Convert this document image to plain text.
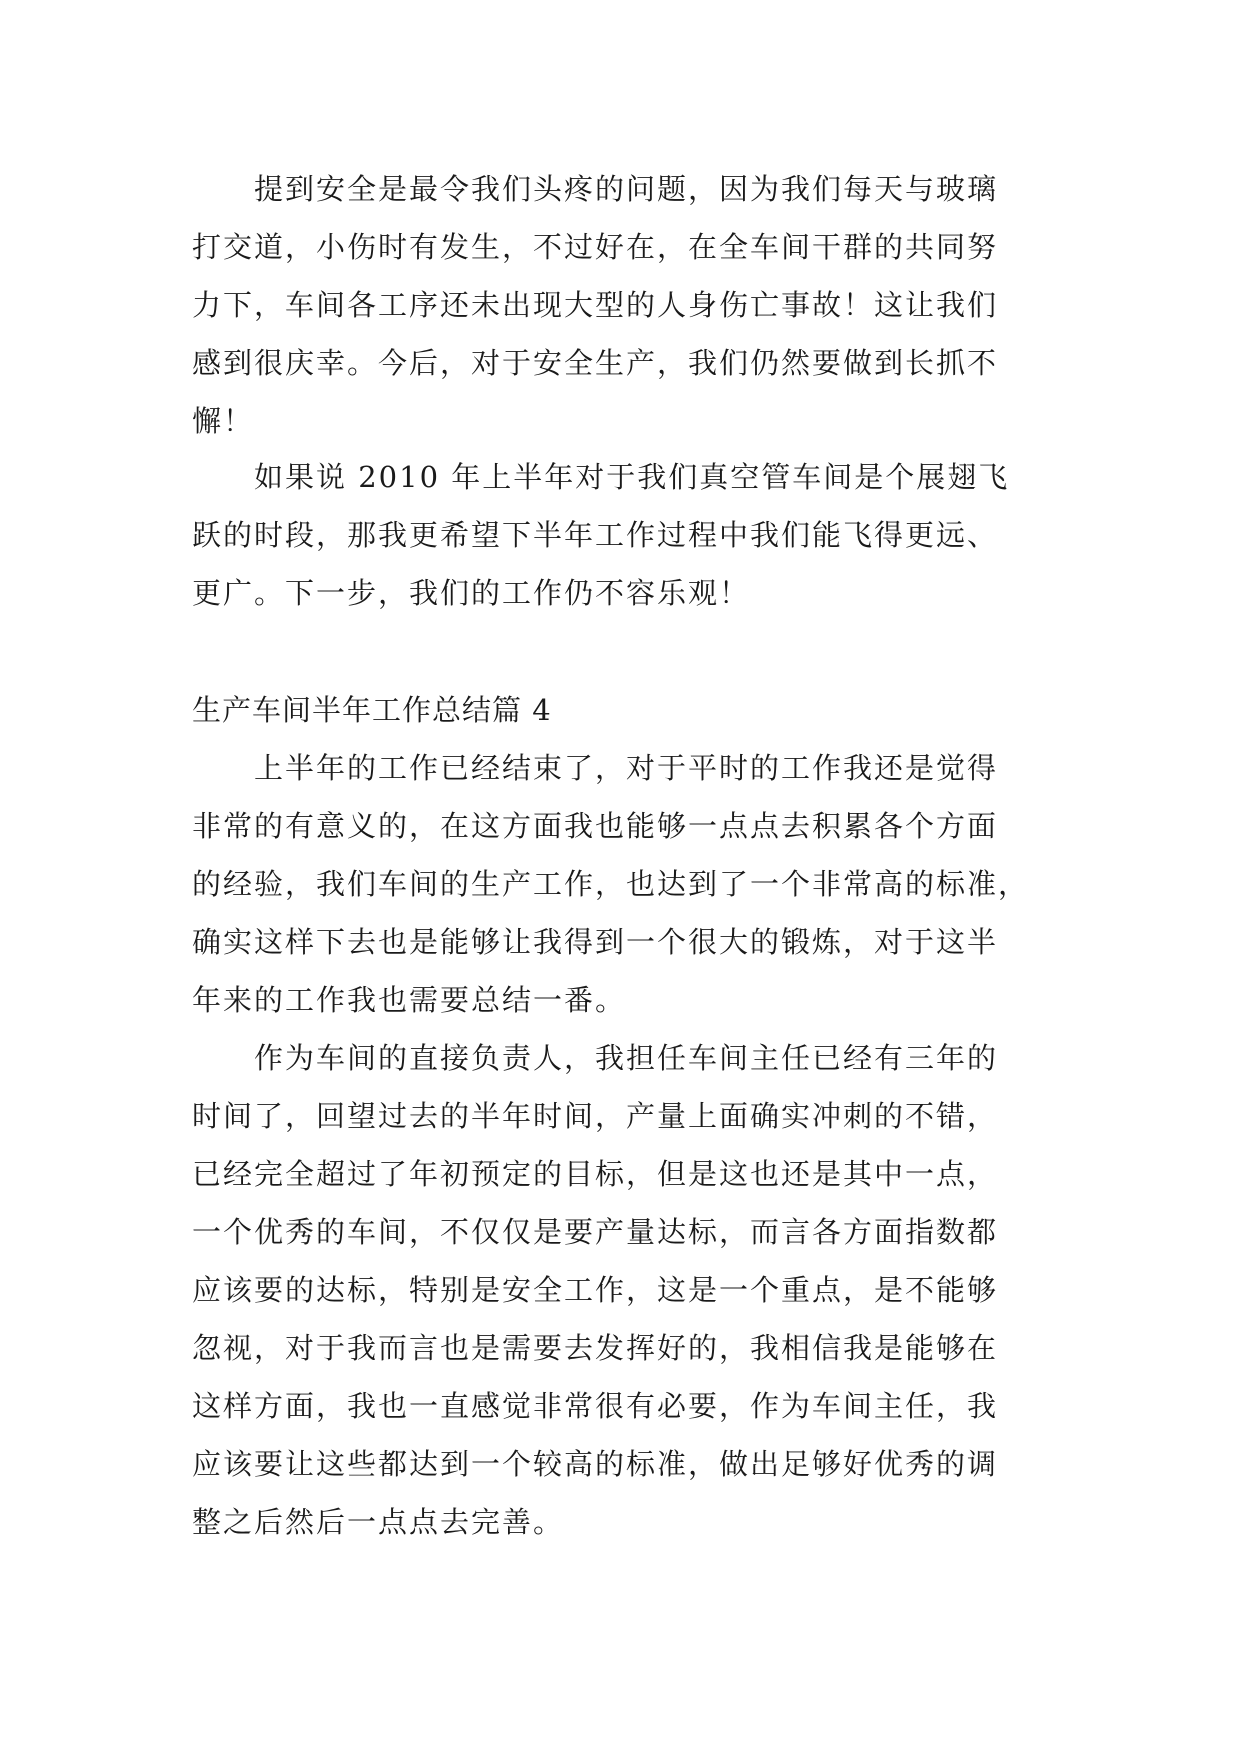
提到安全是最令我们头疼的问题，因为我们每天与玻璃
打交道，小伤时有发生，不过好在，在全车间干群的共同努
力下，车间各工序还未出现大型的人身伤亡事故！这让我们
感到很庆幸。今后，对于安全生产，我们仍然要做到长抓不
懈！
如果说 2010 年上半年对于我们真空管车间是个展翅飞
跃的时段，那我更希望下半年工作过程中我们能飞得更远、
更广。下一步，我们的工作仍不容乐观！
生产车间半年工作总结篇 4
上半年的工作已经结束了，对于平时的工作我还是觉得
非常的有意义的，在这方面我也能够一点点去积累各个方面
的经验，我们车间的生产工作，也达到了一个非常高的标准，
确实这样下去也是能够让我得到一个很大的锻炼，对于这半
年来的工作我也需要总结一番。
作为车间的直接负责人，我担任车间主任已经有三年的
时间了，回望过去的半年时间，产量上面确实冲刺的不错，
已经完全超过了年初预定的目标，但是这也还是其中一点，
一个优秀的车间，不仅仅是要产量达标，而言各方面指数都
应该要的达标，特别是安全工作，这是一个重点，是不能够
忽视，对于我而言也是需要去发挥好的，我相信我是能够在
这样方面，我也一直感觉非常很有必要，作为车间主任，我
应该要让这些都达到一个较高的标准，做出足够好优秀的调
整之后然后一点点去完善。
